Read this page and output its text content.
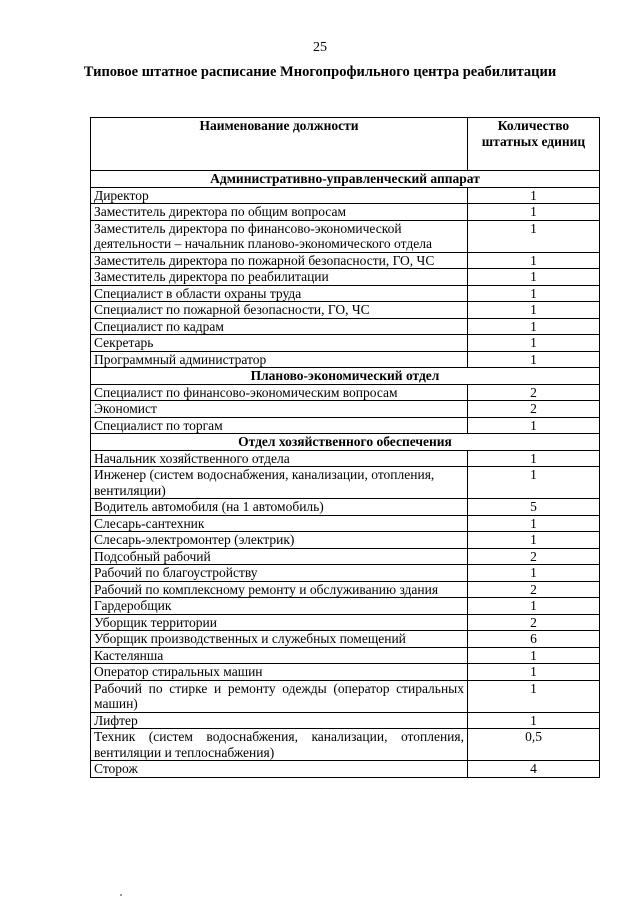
25
Типовое штатное расписание Многопрофильного центра реабилитации
Наименование должности	Количество штатных единиц
Административно-управленческий аппарат	
Директор	1
Заместитель директора по общим вопросам	1
Заместитель директора по финансово-экономической деятельности – начальник планово-экономического отдела	1
Заместитель директора по пожарной безопасности, ГО, ЧС	1
Заместитель директора по реабилитации	1
Специалист в области охраны труда	1
Специалист по пожарной безопасности, ГО, ЧС	1
Специалист по кадрам	1
Секретарь	1
Программный администратор	1
Планово-экономический отдел	
Специалист по финансово-экономическим вопросам	2
Экономист	2
Специалист по торгам	1
Отдел хозяйственного обеспечения	
Начальник хозяйственного отдела	1
Инженер (систем водоснабжения, канализации, отопления, вентиляции)	1
Водитель автомобиля (на 1 автомобиль)	5
Слесарь-сантехник	1
Слесарь-электромонтер (электрик)	1
Подсобный рабочий	2
Рабочий по благоустройству	1
Рабочий по комплексному ремонту и обслуживанию здания	2
Гардеробщик	1
Уборщик территории	2
Уборщик производственных и служебных помещений	6
Кастелянша	1
Оператор стиральных машин	1
Рабочий по стирке и ремонту одежды (оператор стиральных машин)	1
Лифтер	1
Техник (систем водоснабжения, канализации, отопления, вентиляции и теплоснабжения)	0,5
Сторож	4
